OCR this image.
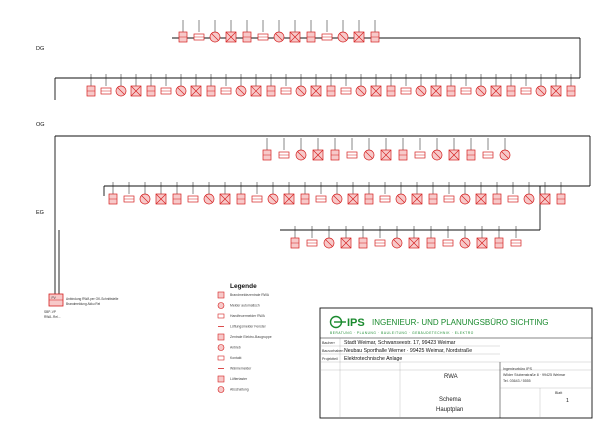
DG
OG
EG
PV	Anbindung RWA per OK-Schnittstelle
Brandmeldung Akku Rel
SBP..VP
RWA..Rel...
Legende
Brandmeldezentrale RWA
Melder automatisch
Handfeuermelder RWA
Lüftungsmelder Fenster
Zentrale Elektro-Baugruppe
Antrieb
Kontakt
Wärmemelder
Lüftertaster
Abschaltung
IPS INGENIEUR- UND PLANUNGSBÜRO SICHTING
BERATUNG · PLANUNG · BAULEITUNG · GEBÄUDETECHNIK · ELEKTRO
Bauherr Stadt Weimar, Schwanseestr. 17, 99423 Weimar
Bauvorhaben Neubau Sporthalle Werner · 99425 Weimar, Nordstraße
Projektteil Elektrotechnische Anlage
RWA
Schema
Hauptplan
Ingenieurbüro IPS
Wilder Stubenstraße 8 · 99425 Weimar
Tel. 03643 / 5555
Blatt
1
